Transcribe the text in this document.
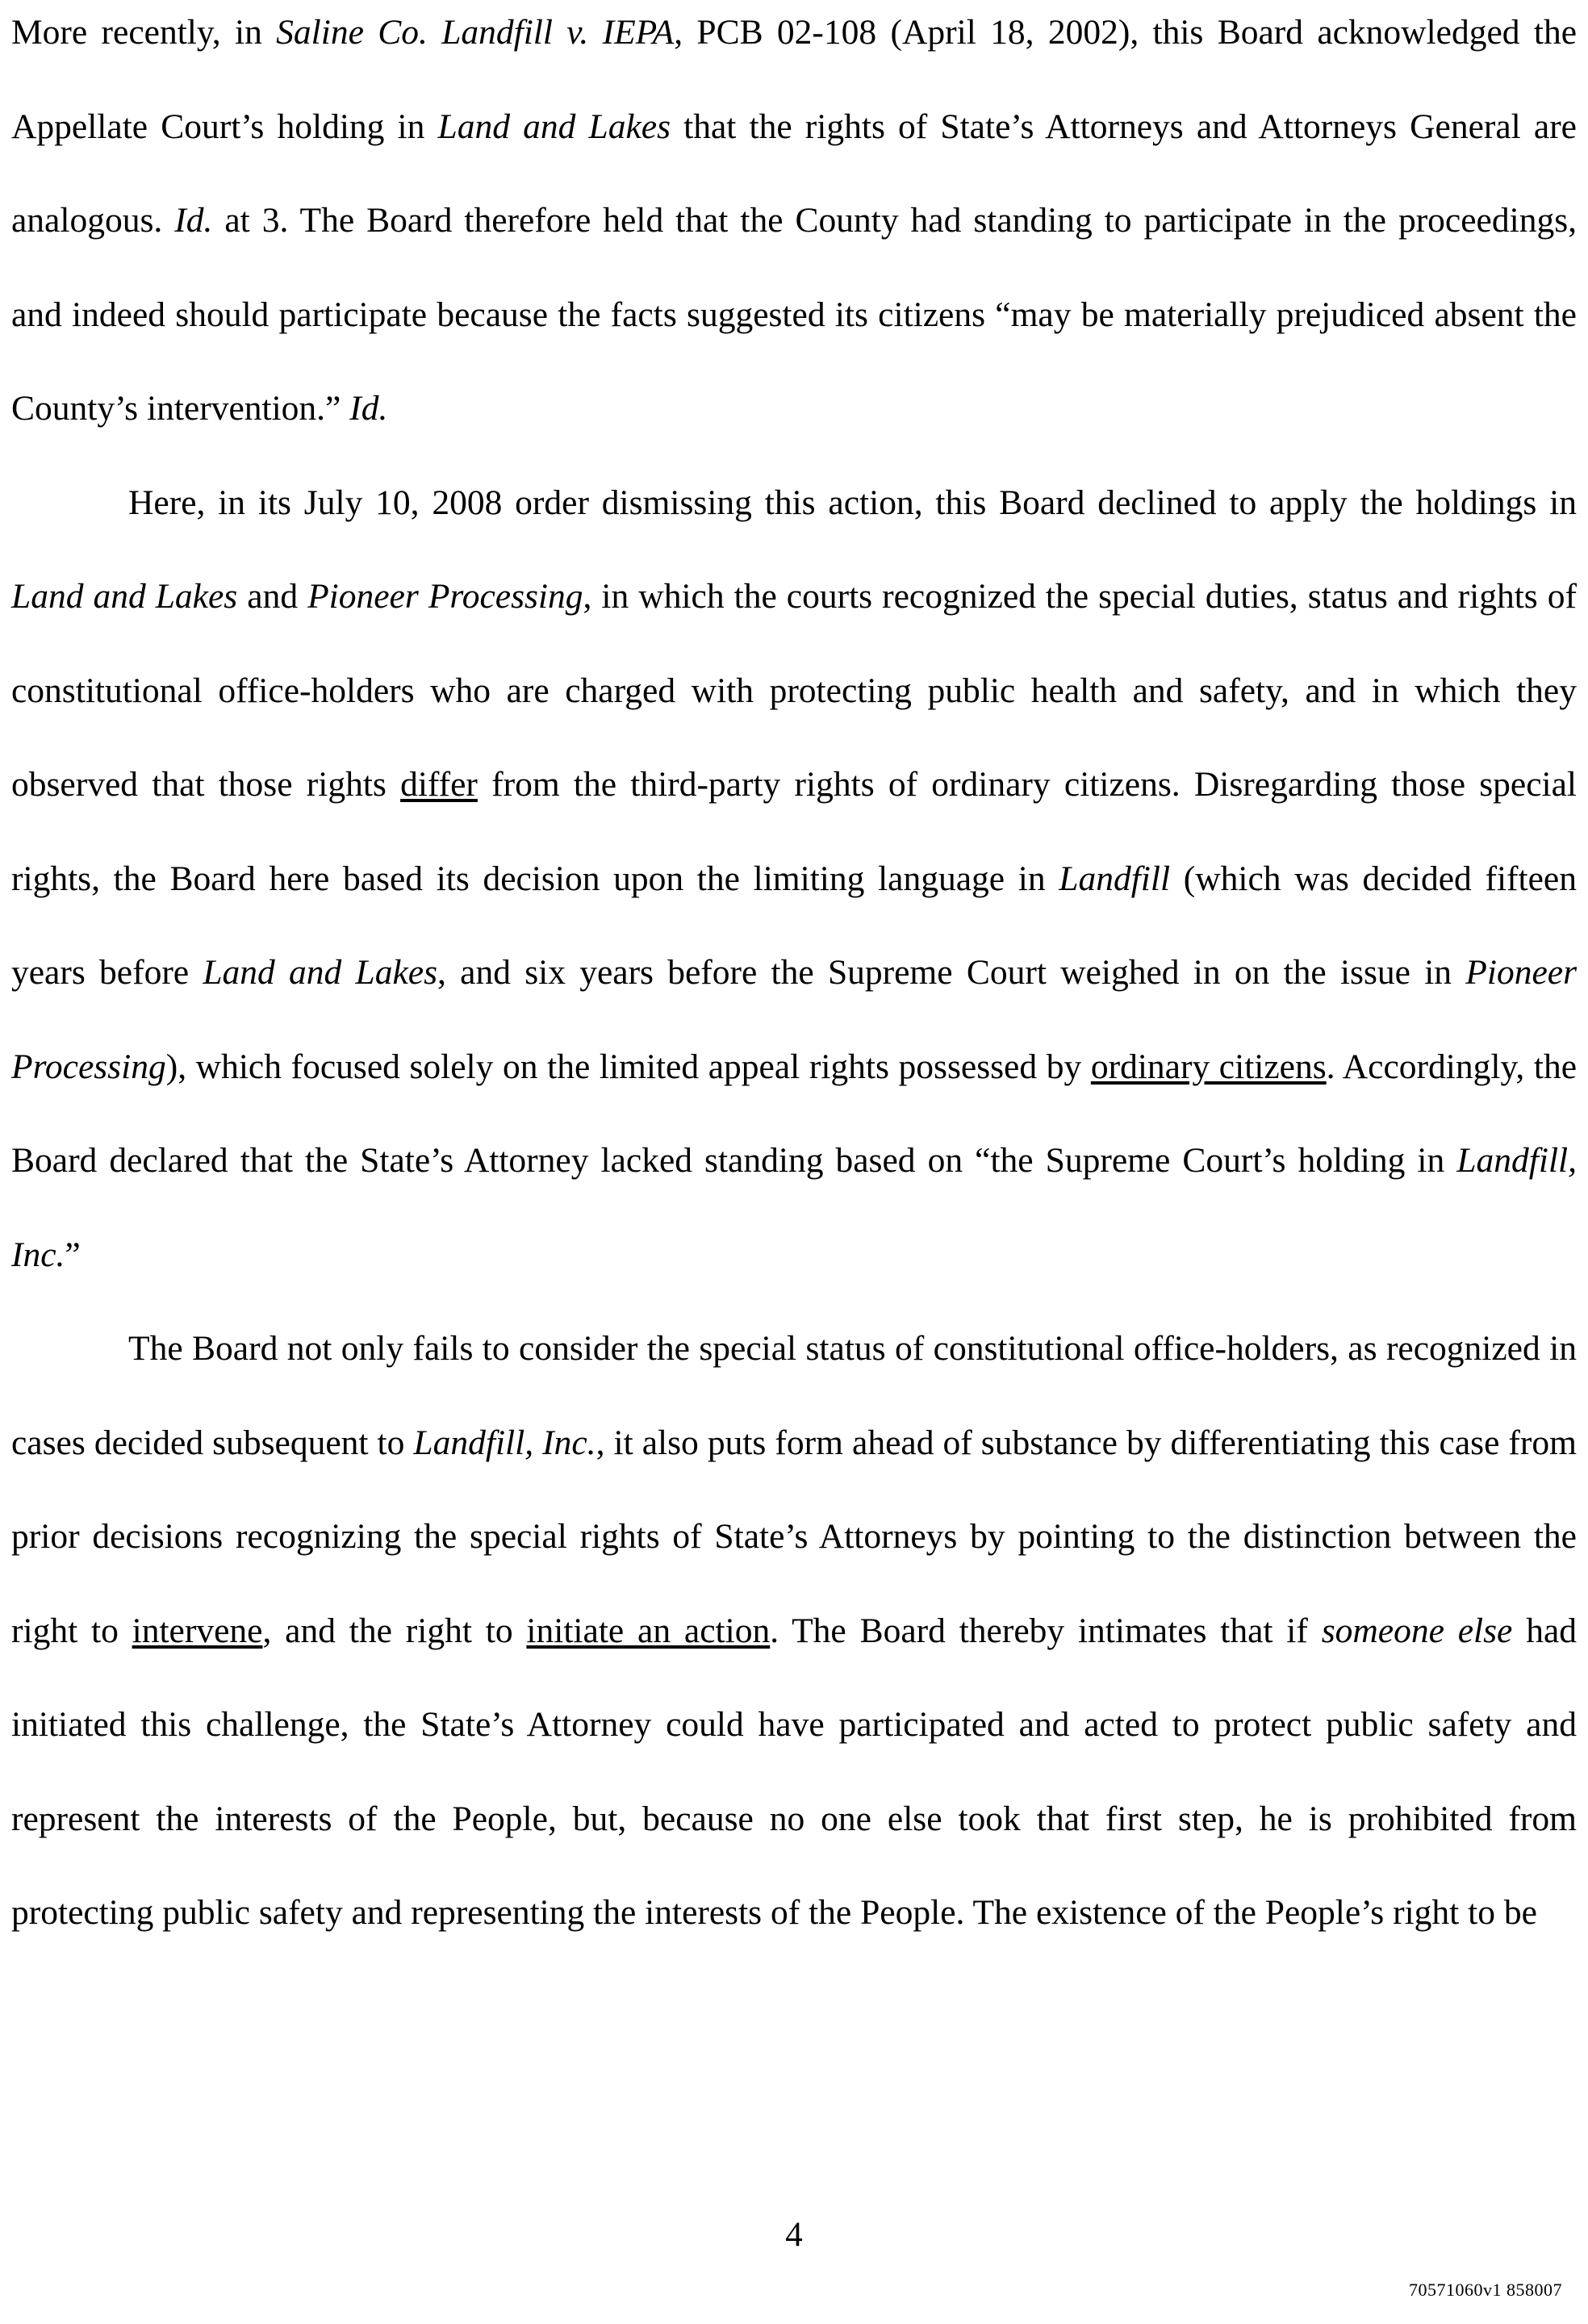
More recently, in Saline Co. Landfill v. IEPA, PCB 02-108 (April 18, 2002), this Board acknowledged the Appellate Court’s holding in Land and Lakes that the rights of State’s Attorneys and Attorneys General are analogous. Id. at 3. The Board therefore held that the County had standing to participate in the proceedings, and indeed should participate because the facts suggested its citizens “may be materially prejudiced absent the County’s intervention.” Id.

Here, in its July 10, 2008 order dismissing this action, this Board declined to apply the holdings in Land and Lakes and Pioneer Processing, in which the courts recognized the special duties, status and rights of constitutional office-holders who are charged with protecting public health and safety, and in which they observed that those rights differ from the third-party rights of ordinary citizens. Disregarding those special rights, the Board here based its decision upon the limiting language in Landfill (which was decided fifteen years before Land and Lakes, and six years before the Supreme Court weighed in on the issue in Pioneer Processing), which focused solely on the limited appeal rights possessed by ordinary citizens. Accordingly, the Board declared that the State’s Attorney lacked standing based on “the Supreme Court’s holding in Landfill, Inc.”

The Board not only fails to consider the special status of constitutional office-holders, as recognized in cases decided subsequent to Landfill, Inc., it also puts form ahead of substance by differentiating this case from prior decisions recognizing the special rights of State’s Attorneys by pointing to the distinction between the right to intervene, and the right to initiate an action. The Board thereby intimates that if someone else had initiated this challenge, the State’s Attorney could have participated and acted to protect public safety and represent the interests of the People, but, because no one else took that first step, he is prohibited from protecting public safety and representing the interests of the People. The existence of the People’s right to be

4
70571060v1 858007
